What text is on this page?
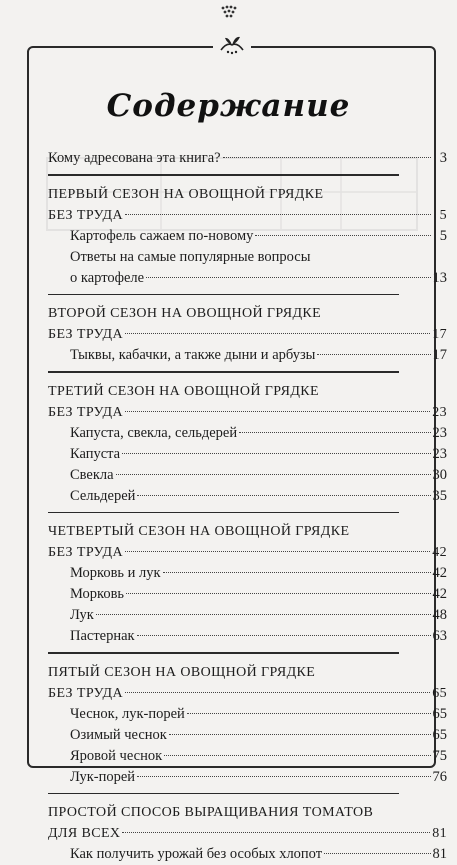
Содержание
Кому адресована эта книга?	3
ПЕРВЫЙ СЕЗОН НА ОВОЩНОЙ ГРЯДКЕ
БЕЗ ТРУДА	5
Картофель сажаем по-новому	5
Ответы на самые популярные вопросы
о картофеле	13
ВТОРОЙ СЕЗОН НА ОВОЩНОЙ ГРЯДКЕ
БЕЗ ТРУДА	17
Тыквы, кабачки, а также дыни и арбузы	17
ТРЕТИЙ СЕЗОН НА ОВОЩНОЙ ГРЯДКЕ
БЕЗ ТРУДА	23
Капуста, свекла, сельдерей	23
Капуста	23
Свекла	30
Сельдерей	35
ЧЕТВЕРТЫЙ СЕЗОН НА ОВОЩНОЙ ГРЯДКЕ
БЕЗ ТРУДА	42
Морковь и лук	42
Морковь	42
Лук	48
Пастернак	63
ПЯТЫЙ СЕЗОН НА ОВОЩНОЙ ГРЯДКЕ
БЕЗ ТРУДА	65
Чеснок, лук-порей	65
Озимый чеснок	65
Яровой чеснок	75
Лук-порей	76
ПРОСТОЙ СПОСОБ ВЫРАЩИВАНИЯ ТОМАТОВ
ДЛЯ ВСЕХ	81
Как получить урожай без особых хлопот	81
